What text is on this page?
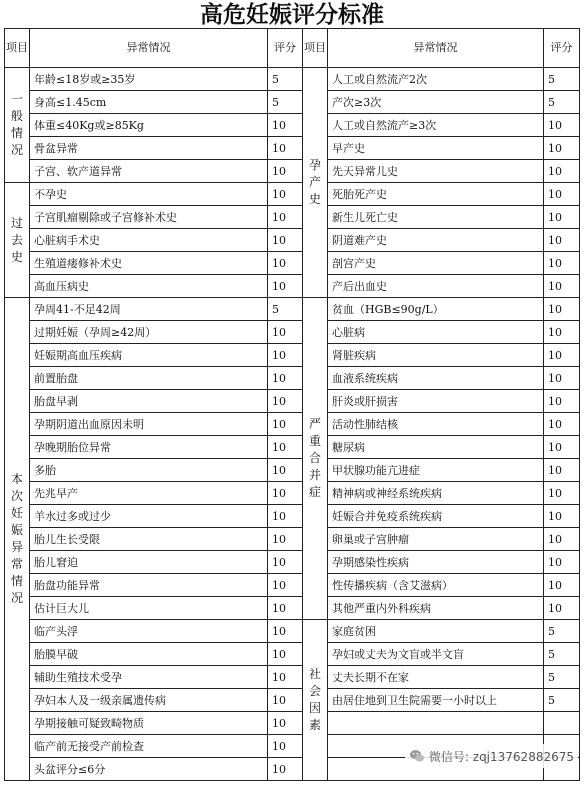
高危妊娠评分标准
项目	异常情况	评分	项目	异常情况	评分
一般情况	年龄≤18岁或≥35岁	5	孕产史	人工或自然流产2次	5
	身高≤1.45cm	5		产次≥3次	5
	体重≤40Kg或≥85Kg	10		人工或自然流产≥3次	10
	骨盆异常	10		早产史	10
	子宫、软产道异常	10		先天异常儿史	10
过去史	不孕史	10		死胎死产史	10
	子宫肌瘤剔除或子宫修补术史	10		新生儿死亡史	10
	心脏病手术史	10		阴道难产史	10
	生殖道瘘修补术史	10		剖宫产史	10
	高血压病史	10		产后出血史	10
本次妊娠异常情况	孕周41-不足42周	5	严重合并症	贫血（HGB≤90g/L）	10
	过期妊娠（孕周≥42周）	10		心脏病	10
	妊娠期高血压疾病	10		肾脏疾病	10
	前置胎盘	10		血液系统疾病	10
	胎盘早剥	10		肝炎或肝损害	10
	孕期阴道出血原因未明	10		活动性肺结核	10
	孕晚期胎位异常	10		糖尿病	10
	多胎	10		甲状腺功能亢进症	10
	先兆早产	10		精神病或神经系统疾病	10
	羊水过多或过少	10		妊娠合并免疫系统疾病	10
	胎儿生长受限	10		卵巢或子宫肿瘤	10
	胎儿窘迫	10		孕期感染性疾病	10
	胎盘功能异常	10		性传播疾病（含艾滋病）	10
	估计巨大儿	10		其他严重内外科疾病	10
	临产头浮	10	社会因素	家庭贫困	5
	胎膜早破	10		孕妇或丈夫为文盲或半文盲	5
	辅助生殖技术受孕	10		丈夫长期不在家	5
	孕妇本人及一级亲属遗传病	10		由居住地到卫生院需要一小时以上	5
	孕期接触可疑致畸物质	10			
	临产前无接受产前检查	10			
	头盆评分≤6分	10			
微信号: zqj13762882675
